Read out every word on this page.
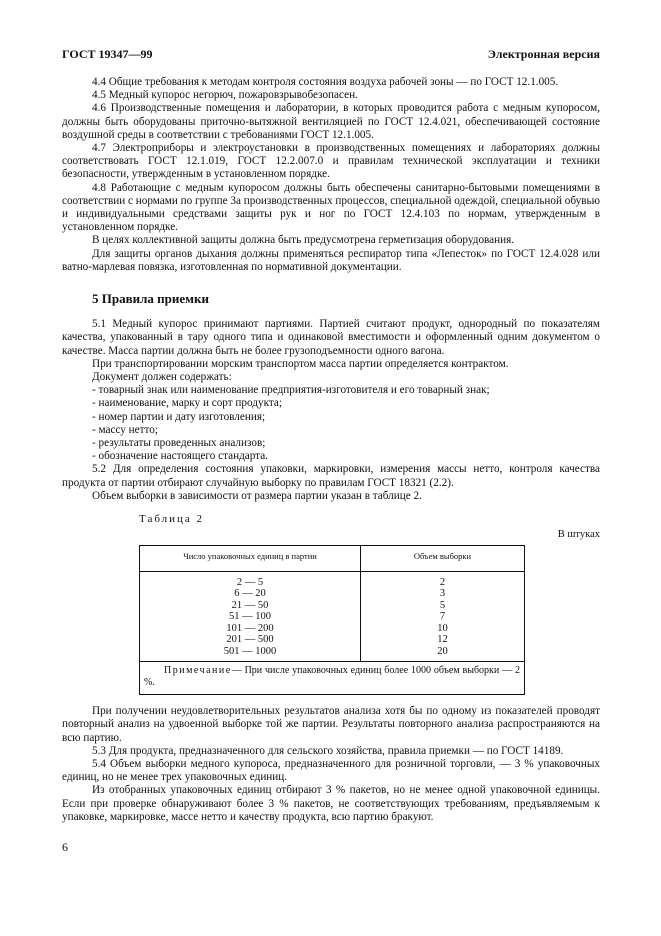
ГОСТ 19347—99	Электронная версия

4.4 Общие требования к методам контроля состояния воздуха рабочей зоны — по ГОСТ 12.1.005.

4.5 Медный купорос негорюч, пожаровзрывобезопасен.

4.6 Производственные помещения и лаборатории, в которых проводится работа с медным купоросом, должны быть оборудованы приточно-вытяжной вентиляцией по ГОСТ 12.4.021, обеспечивающей состояние воздушной среды в соответствии с требованиями ГОСТ 12.1.005.

4.7 Электроприборы и электроустановки в производственных помещениях и лабораториях должны соответствовать ГОСТ 12.1.019, ГОСТ 12.2.007.0 и правилам технической эксплуатации и техники безопасности, утвержденным в установленном порядке.

4.8 Работающие с медным купоросом должны быть обеспечены санитарно-бытовыми помещениями в соответствии с нормами по группе 3а производственных процессов, специальной одеждой, специальной обувью и индивидуальными средствами защиты рук и ног по ГОСТ 12.4.103 по нормам, утвержденным в установленном порядке.

В целях коллективной защиты должна быть предусмотрена герметизация оборудования.

Для защиты органов дыхания должны применяться респиратор типа «Лепесток» по ГОСТ 12.4.028 или ватно-марлевая повязка, изготовленная по нормативной документации.

5 Правила приемки

5.1 Медный купорос принимают партиями. Партией считают продукт, однородный по показателям качества, упакованный в тару одного типа и одинаковой вместимости и оформленный одним документом о качестве. Масса партии должна быть не более грузоподъемности одного вагона.

При транспортировании морским транспортом масса партии определяется контрактом.

Документ должен содержать:

- товарный знак или наименование предприятия-изготовителя и его товарный знак;
- наименование, марку и сорт продукта;
- номер партии и дату изготовления;
- массу нетто;
- результаты проведенных анализов;
- обозначение настоящего стандарта.

5.2 Для определения состояния упаковки, маркировки, измерения массы нетто, контроля качества продукта от партии отбирают случайную выборку по правилам ГОСТ 18321 (2.2).

Объем выборки в зависимости от размера партии указан в таблице 2.

Таблица 2
В штуках
Число упаковочных единиц в партии	Объем выборки
2 — 5
6 — 20
21 — 50
51 — 100
101 — 200
201 — 500
501 — 1000
2
3
5
7
10
12
20
Примечание— При числе упаковочных единиц более 1000 объем выборки — 2 %.

При получении неудовлетворительных результатов анализа хотя бы по одному из показателей проводят повторный анализ на удвоенной выборке той же партии. Результаты повторного анализа распространяются на всю партию.

5.3 Для продукта, предназначенного для сельского хозяйства, правила приемки — по ГОСТ 14189.

5.4 Объем выборки медного купороса, предназначенного для розничной торговли, — 3 % упаковочных единиц, но не менее трех упаковочных единиц.

Из отобранных упаковочных единиц отбирают 3 % пакетов, но не менее одной упаковочной единицы. Если при проверке обнаруживают более 3 % пакетов, не соответствующих требованиям, предъявляемым к упаковке, маркировке, массе нетто и качеству продукта, всю партию бракуют.

6
